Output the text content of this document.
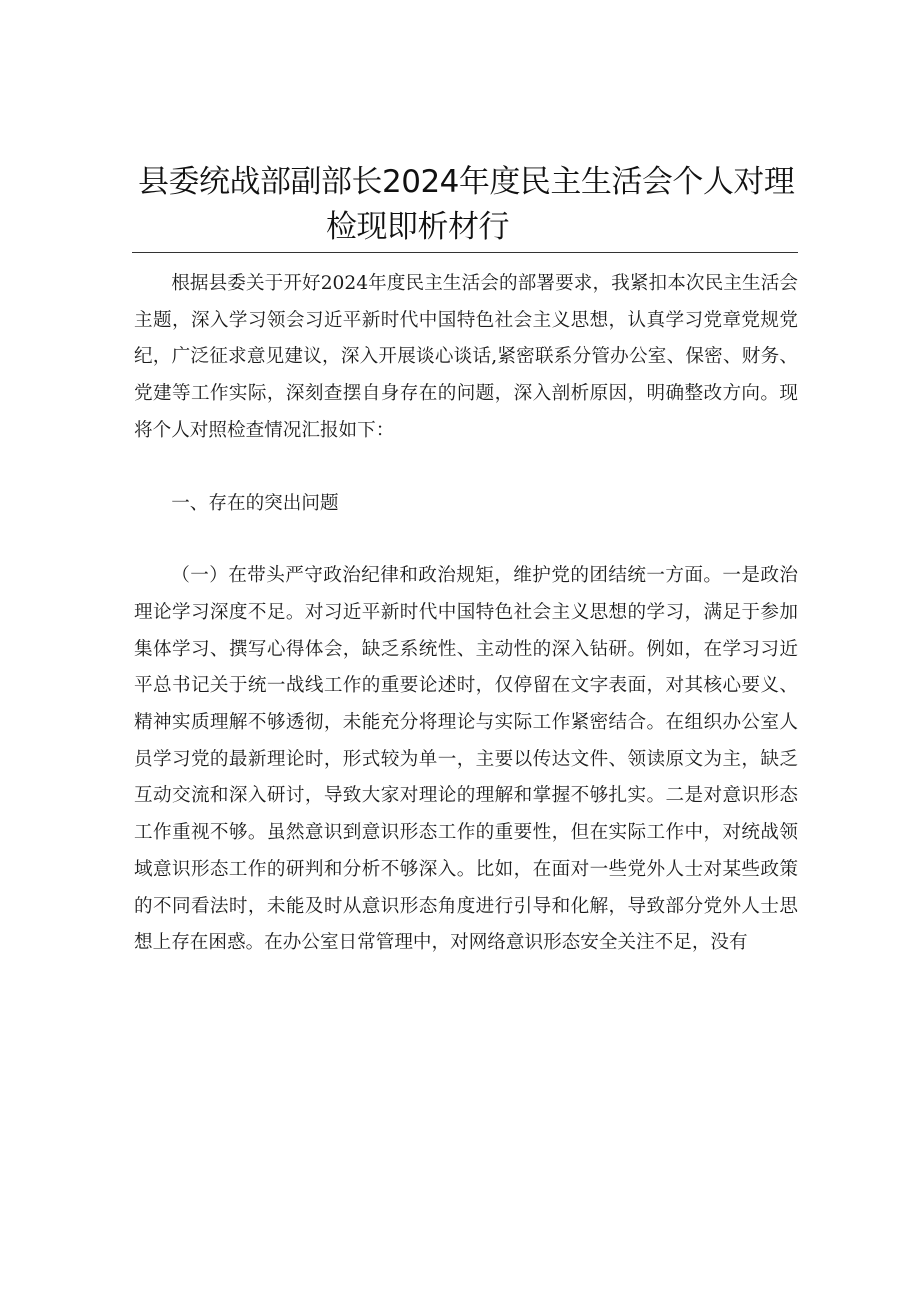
县委统战部副部长2024年度民主生活会个人对理
检现即析材行

根据县委关于开好2024年度民主生活会的部署要求，我紧扣本次民主生活会主题，深入学习领会习近平新时代中国特色社会主义思想，认真学习党章党规党纪，广泛征求意见建议，深入开展谈心谈话,紧密联系分管办公室、保密、财务、党建等工作实际，深刻查摆自身存在的问题，深入剖析原因，明确整改方向。现将个人对照检查情况汇报如下：

一、存在的突出问题

（一）在带头严守政治纪律和政治规矩，维护党的团结统一方面。一是政治理论学习深度不足。对习近平新时代中国特色社会主义思想的学习，满足于参加集体学习、撰写心得体会，缺乏系统性、主动性的深入钻研。例如，在学习习近平总书记关于统一战线工作的重要论述时，仅停留在文字表面，对其核心要义、精神实质理解不够透彻，未能充分将理论与实际工作紧密结合。在组织办公室人员学习党的最新理论时，形式较为单一，主要以传达文件、领读原文为主，缺乏互动交流和深入研讨，导致大家对理论的理解和掌握不够扎实。二是对意识形态工作重视不够。虽然意识到意识形态工作的重要性，但在实际工作中，对统战领域意识形态工作的研判和分析不够深入。比如，在面对一些党外人士对某些政策的不同看法时，未能及时从意识形态角度进行引导和化解，导致部分党外人士思想上存在困惑。在办公室日常管理中，对网络意识形态安全关注不足，没有
